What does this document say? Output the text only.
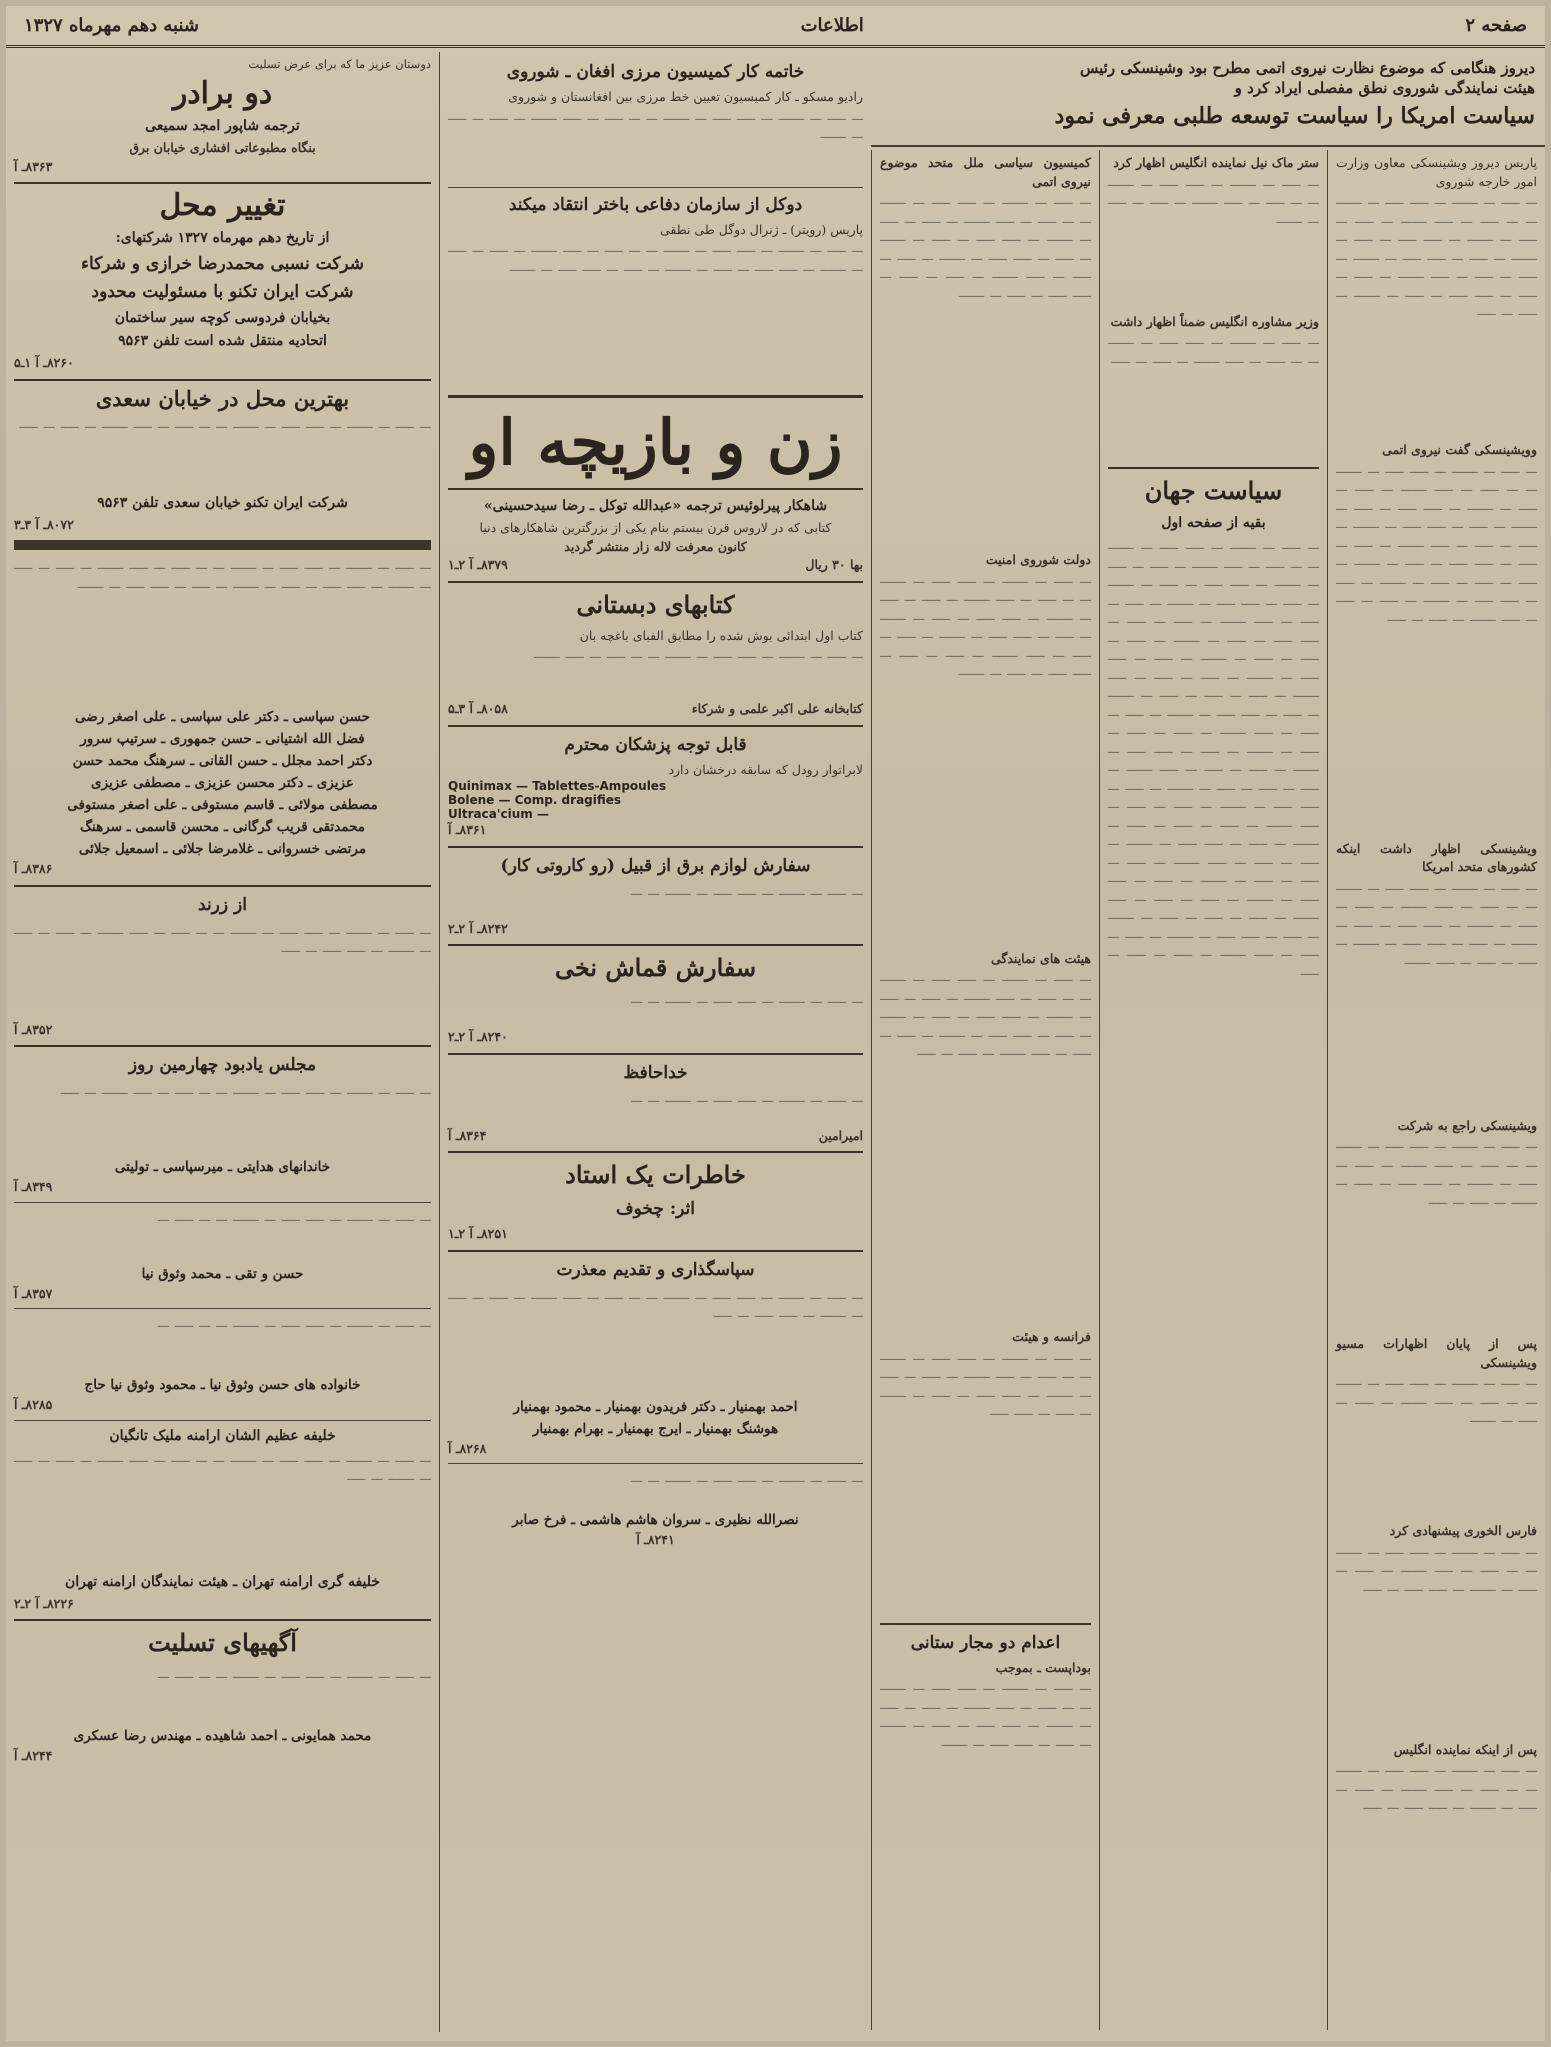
صفحه ۲
اطلاعات
شنبه دهم مهرماه ۱۳۲۷
دیروز هنگامی که موضوع نظارت نیروی اتمی مطرح بود وشینسکی رئیس
هیئت نمایندگی شوروی نطق مفصلی ایراد کرد و
سیاست امریکا را سیاست توسعه طلبی معرفی نمود
پاریس دیروز ویشینسکی معاون وزارت امور خارجه شوروی
ـــ ـــــ ـــ ـــــــ ـــ ـــــ ـــــ ـــ ـــــــ ـــ ـــ ـــــ ـــ ـــــ ـــــــ ـــ ـــــ ـــ ـــــ ـــ ـــــــ ـــ ـــــ ـــــ ـــ ـــــ ـــ ـــــــ ـــ ـــــ ـــ ـــــ ـــــ ـــ ـــــــ ـــ ـــــ ـــ ـــــ ـــ ـــــ ـــــــ ـــ ـــــ ـــ ـــــ ـــ ـــــ ـــــ ـــ ـــــ ـــ ـــــــ ـــ ـــــ ـــ ـــــ
وویشینسکی گفت نیروی اتمی
ـــ ـــــ ـــ ـــــــ ـــ ـــــ ـــــ ـــ ـــــــ ـــ ـــ ـــــ ـــ ـــــ ـــــــ ـــ ـــــ ـــ ـــــ ـــ ـــــــ ـــ ـــــ ـــــ ـــ ـــــ ـــ ـــــــ ـــ ـــــ ـــ ـــــ ـــــ ـــ ـــــــ ـــ ـــــ ـــ ـــــ ـــ ـــــ ـــــــ ـــ ـــــ ـــ ـــــ ـــ ـــــ ـــــ ـــ ـــــ ـــ ـــــــ ـــ ـــــ ـــ ـــــ ـــ ـــــ ـــ ـــــــ ـــ ـــــ ـــ ـــــ ـــــ ـــ ـــــــ ـــ ـــــ ـــ ـــــ ـــ ـــــ ـــــــ ـــ ـــــ ـــ ـــــ
ویشینسکی اظهار داشت اینکه کشورهای متحد امریکا
ـــ ـــــ ـــ ـــــــ ـــ ـــــ ـــــ ـــ ـــــــ ـــ ـــ ـــــ ـــ ـــــ ـــــــ ـــ ـــــ ـــ ـــــ ـــ ـــــــ ـــ ـــــ ـــــ ـــ ـــــ ـــ ـــــــ ـــ ـــــ ـــ ـــــ ـــــ ـــ ـــــــ ـــ ـــــ ـــ ـــــ ـــ ـــــ ـــــــ
ویشینسکی راجع به شرکت
ـــ ـــــ ـــ ـــــــ ـــ ـــــ ـــــ ـــ ـــــــ ـــ ـــ ـــــ ـــ ـــــ ـــــــ ـــ ـــــ ـــ ـــــ ـــ ـــــــ ـــ ـــــ ـــــ ـــ ـــــ ـــ ـــــــ ـــ ـــــ ـــ ـــــ
پس از پایان اظهارات مسیو ویشینسکی
ـــ ـــــ ـــ ـــــــ ـــ ـــــ ـــــ ـــ ـــــــ ـــ ـــ ـــــ ـــ ـــــ ـــــــ ـــ ـــــ ـــ ـــــ ـــ ـــــــ
فارس الخوری پیشنهادی کرد
ـــ ـــــ ـــ ـــــــ ـــ ـــــ ـــــ ـــ ـــــــ ـــ ـــ ـــــ ـــ ـــــ ـــــــ ـــ ـــــ ـــ ـــــ ـــ ـــــــ ـــ ـــــ ـــــ ـــ ـــــ
پس از اینکه نماینده انگلیس
ـــ ـــــ ـــ ـــــــ ـــ ـــــ ـــــ ـــ ـــــــ ـــ ـــ ـــــ ـــ ـــــ ـــــــ ـــ ـــــ ـــ ـــــ ـــ ـــــــ ـــ ـــــ ـــــ ـــ ـــــ
ستر ماک نیل نماینده انگلیس اظهار کرد
ـــ ـــــ ـــ ـــــــ ـــ ـــــ ـــــ ـــ ـــــــ ـــ ـــ ـــــ ـــ ـــــ ـــــــ ـــ ـــــ ـــ ـــــ ـــ ـــــــ
وزیر مشاوره انگلیس ضمناً اظهار داشت
ـــ ـــــ ـــ ـــــــ ـــ ـــــ ـــــ ـــ ـــــــ ـــ ـــ ـــــ ـــ ـــــ ـــــــ ـــ ـــــ ـــ ـــــ
سیاست جهان
بقیه از صفحه اول
ـــ ـــــ ـــ ـــــــ ـــ ـــــ ـــــ ـــ ـــــــ ـــ ـــ ـــــ ـــ ـــــ ـــــــ ـــ ـــــ ـــ ـــــ ـــ ـــــــ ـــ ـــــ ـــــ ـــ ـــــ ـــ ـــــــ ـــ ـــــ ـــ ـــــ ـــــ ـــ ـــــــ ـــ ـــــ ـــ ـــــ ـــ ـــــ ـــــــ ـــ ـــــ ـــ ـــــ ـــ ـــــ ـــــ ـــ ـــــ ـــ ـــــــ ـــ ـــــ ـــ ـــــ ـــ ـــــ ـــ ـــــــ ـــ ـــــ ـــ ـــــ ـــــ ـــ ـــــــ ـــ ـــــ ـــ ـــــ ـــ ـــــ ـــــــ ـــ ـــــ ـــ ـــــ ـــ ـــــ ـــ ـــــــ ـــ ـــــ ـــ ـــــ ـــــ ـــ ـــــــ ـــ ـــــ ـــ ـــــ ـــ ـــــ ـــــــ ـــ ـــــ ـــ ـــــ ـــ ـــــ ـــ ـــــــ ـــ ـــــ ـــ ـــــ ـــــ ـــ ـــــــ ـــ ـــــ ـــ ـــــ ـــ ـــــ ـــــــ ـــ ـــــ ـــ ـــــ ـــ ـــــ ـــ ـــــــ ـــ ـــــ ـــ ـــــ ـــــ ـــ ـــــــ ـــ ـــــ ـــ ـــــ ـــ ـــــ ـــــــ ـــ ـــــ ـــ ـــــ ـــ ـــــ ـــ ـــــــ ـــ ـــــ ـــ ـــــ ـــــ ـــ ـــــــ ـــ ـــــ ـــ ـــــ ـــ ـــــ ـــــــ ـــ ـــــ ـــ ـــــ ـــ ـــــ ـــ ـــــــ ـــ ـــــ ـــ ـــــ ـــــ ـــ ـــــــ ـــ ـــــ ـــ ـــــ ـــ ـــــ ـــــــ ـــ ـــــ ـــ ـــــ ـــ ـــــ ـــ ـــــــ ـــ ـــــ ـــ ـــــ ـــــ ـــ ـــــــ ـــ ـــــ ـــ ـــــ ـــ ـــــ ـــــــ ـــ ـــــ ـــ ـــــ ـــ ـــــ
کمیسیون سیاسی ملل متحد موضوع نیروی اتمی
ـــ ـــــ ـــ ـــــــ ـــ ـــــ ـــــ ـــ ـــــــ ـــ ـــ ـــــ ـــ ـــــ ـــــــ ـــ ـــــ ـــ ـــــ ـــ ـــــــ ـــ ـــــ ـــــ ـــ ـــــ ـــ ـــــــ ـــ ـــــ ـــ ـــــ ـــــ ـــ ـــــــ ـــ ـــــ ـــ ـــــ ـــ ـــــ ـــــــ ـــ ـــــ ـــ ـــــ ـــ ـــــ ـــــ ـــ ـــــ ـــ ـــــــ
دولت شوروی امنیت
ـــ ـــــ ـــ ـــــــ ـــ ـــــ ـــــ ـــ ـــــــ ـــ ـــ ـــــ ـــ ـــــ ـــــــ ـــ ـــــ ـــ ـــــ ـــ ـــــــ ـــ ـــــ ـــــ ـــ ـــــ ـــ ـــــــ ـــ ـــــ ـــ ـــــ ـــــ ـــ ـــــــ ـــ ـــــ ـــ ـــــ ـــ ـــــ ـــــــ ـــ ـــــ ـــ ـــــ ـــ ـــــ ـــــ ـــ ـــــ ـــ ـــــــ
هیئت های نمایندگی
ـــ ـــــ ـــ ـــــــ ـــ ـــــ ـــــ ـــ ـــــــ ـــ ـــ ـــــ ـــ ـــــ ـــــــ ـــ ـــــ ـــ ـــــ ـــ ـــــــ ـــ ـــــ ـــــ ـــ ـــــ ـــ ـــــــ ـــ ـــــ ـــ ـــــ ـــــ ـــ ـــــــ ـــ ـــــ ـــ ـــــ ـــ ـــــ ـــــــ ـــ ـــــ ـــ ـــــ
فرانسه و هیئت
ـــ ـــــ ـــ ـــــــ ـــ ـــــ ـــــ ـــ ـــــــ ـــ ـــ ـــــ ـــ ـــــ ـــــــ ـــ ـــــ ـــ ـــــ ـــ ـــــــ ـــ ـــــ ـــــ ـــ ـــــ ـــ ـــــــ ـــ ـــــ ـــ ـــــ ـــــ
اعدام دو مجار ستانی
بوداپست ـ بموجب
ـــ ـــــ ـــ ـــــــ ـــ ـــــ ـــــ ـــ ـــــــ ـــ ـــ ـــــ ـــ ـــــ ـــــــ ـــ ـــــ ـــ ـــــ ـــ ـــــــ ـــ ـــــ ـــــ ـــ ـــــ ـــ ـــــــ ـــ ـــــ ـــ ـــــ ـــــ ـــ ـــــــ
خاتمه کار کمیسیون مرزی افغان ـ شوروی
رادیو مسکو ـ کار کمیسیون تعیین خط مرزی بین افغانستان و شوروی
ـــ ـــــ ـــ ـــــــ ـــ ـــــ ـــــ ـــ ـــــــ ـــ ـــ ـــــ ـــ ـــــ ـــــــ ـــ ـــــ ـــ ـــــ ـــ ـــــــ
دوکل از سازمان دفاعی باختر انتقاد میکند
پاریس (رویتر) ـ ژنرال دوگل طی نطقی
ـــ ـــــ ـــ ـــــــ ـــ ـــــ ـــــ ـــ ـــــــ ـــ ـــ ـــــ ـــ ـــــ ـــــــ ـــ ـــــ ـــ ـــــ ـــ ـــــــ ـــ ـــــ ـــــ ـــ ـــــ ـــ ـــــــ ـــ ـــــ ـــ ـــــ ـــــ ـــ ـــــــ
زن و بازیچه او
شاهکار پیرلوئیس ترجمه «عبدالله توکل ـ رضا سیدحسینی»
کتابی که در لاروس قرن بیستم بنام یکی از بزرگترین شاهکارهای دنیا
کانون معرفت لاله زار منتشر گردید
بها ۳۰ ریال
۸۳۷۹ـ آ ۲ـ۱
کتابهای دبستانی
کتاب اول ابتدائی بوش شده را مطابق الفبای باغچه بان
ـــ ـــــ ـــ ـــــــ ـــ ـــــ ـــــ ـــ ـــــــ ـــ ـــ ـــــ ـــ ـــــ ـــــــ
کتابخانه علی اکبر علمی و شرکاء
۸۰۵۸ـ آ ۳ـ۵
قابل توجه پزشکان محترم
لابراتوار رودل که سابقه درخشان دارد
Quinimax — Tablettes-Ampoules
Bolene — Comp. dragifies
Ultraca'cium —
۸۳۶۱ـ آ
سفارش لوازم برق از قبیل (رو کاروتی کار)
ـــ ـــــ ـــ ـــــــ ـــ ـــــ ـــــ ـــ ـــــــ ـــ ـــ
۸۲۴۲ـ آ ۲ـ۲
سفارش قماش نخی
ـــ ـــــ ـــ ـــــــ ـــ ـــــ ـــــ ـــ ـــــــ ـــ ـــ
۸۲۴۰ـ آ ۲ـ۲
خداحافظ
ـــ ـــــ ـــ ـــــــ ـــ ـــــ ـــــ ـــ ـــــــ ـــ ـــ
امیرامین
۸۳۶۴ـ آ
خاطرات یک استاد
اثر: چخوف
۸۲۵۱ـ آ ۲ـ۱
سپاسگذاری و تقدیم معذرت
ـــ ـــــ ـــ ـــــــ ـــ ـــــ ـــــ ـــ ـــــــ ـــ ـــ ـــــ ـــ ـــــ ـــــــ ـــ ـــــ ـــ ـــــ ـــ ـــــــ ـــ ـــــ ـــــ ـــ ـــــ
احمد بهمنیار ـ دکتر فریدون بهمنیار ـ محمود بهمنیار
هوشنگ بهمنیار ـ ایرج بهمنیار ـ بهرام بهمنیار
۸۲۶۸ـ آ
ـــ ـــــ ـــ ـــــــ ـــ ـــــ ـــــ ـــ ـــــــ ـــ ـــ
نصرالله نظیری ـ سروان هاشم هاشمی ـ فرخ صابر
۸۲۴۱ـ آ
دوستان عزیز ما که برای عرض تسلیت
دو برادر
ترجمه شاپور امجد سمیعی
بنگاه مطبوعاتی افشاری خیابان برق
۸۳۶۳ـ آ
تغییر محل
از تاریخ دهم مهرماه ۱۳۲۷ شرکتهای:
شرکت نسبی محمدرضا خرازی و شرکاء
شرکت ایران تکنو با مسئولیت محدود
بخیابان فردوسی کوچه سیر ساختمان
اتحادیه منتقل شده است تلفن ۹۵۶۳
۸۲۶۰ـ آ ۱ـ۵
بهترین محل در خیابان سعدی
ـــ ـــــ ـــ ـــــــ ـــ ـــــ ـــــ ـــ ـــــــ ـــ ـــ ـــــ ـــ ـــــ ـــــــ ـــ ـــــ ـــ ـــــ
شرکت ایران تکنو خیابان سعدی تلفن ۹۵۶۳
۸۰۷۲ـ آ ۳ـ۳
ـــ ـــــ ـــ ـــــــ ـــ ـــــ ـــــ ـــ ـــــــ ـــ ـــ ـــــ ـــ ـــــ ـــــــ ـــ ـــــ ـــ ـــــ ـــ ـــــــ ـــ ـــــ ـــــ ـــ ـــــ ـــ ـــــــ ـــ ـــــ ـــ ـــــ ـــــ ـــ ـــــــ
حسن سپاسی ـ دکتر علی سپاسی ـ علی اصغر رضی
فضل الله اشتیانی ـ حسن جمهوری ـ سرتیپ سرور
دکتر احمد مجلل ـ حسن القانی ـ سرهنگ محمد حسن
عزیزی ـ دکتر محسن عزیزی ـ مصطفی عزیزی
مصطفی مولائی ـ قاسم مستوفی ـ علی اصغر مستوفی
محمدتقی قریب گرگانی ـ محسن قاسمی ـ سرهنگ
مرتضی خسروانی ـ غلامرضا جلائی ـ اسمعیل جلائی
۸۳۸۶ـ آ
از زرند
ـــ ـــــ ـــ ـــــــ ـــ ـــــ ـــــ ـــ ـــــــ ـــ ـــ ـــــ ـــ ـــــ ـــــــ ـــ ـــــ ـــ ـــــ ـــ ـــــــ ـــ ـــــ ـــــ ـــ ـــــ
۸۳۵۲ـ آ
مجلس یادبود چهارمین روز
ـــ ـــــ ـــ ـــــــ ـــ ـــــ ـــــ ـــ ـــــــ ـــ ـــ ـــــ ـــ ـــــ ـــــــ ـــ ـــــ
خاندانهای هدایتی ـ میرسپاسی ـ تولیتی
۸۳۴۹ـ آ
ـــ ـــــ ـــ ـــــــ ـــ ـــــ ـــــ ـــ ـــــــ ـــ ـــ ـــــ ـــ
حسن و تقی ـ محمد وثوق نیا
۸۳۵۷ـ آ
ـــ ـــــ ـــ ـــــــ ـــ ـــــ ـــــ ـــ ـــــــ ـــ ـــ ـــــ ـــ
خانواده های حسن وثوق نیا ـ محمود وثوق نیا حاج
۸۲۸۵ـ آ
خلیفه عظیم الشان ارامنه ملیک تانگیان
ـــ ـــــ ـــ ـــــــ ـــ ـــــ ـــــ ـــ ـــــــ ـــ ـــ ـــــ ـــ ـــــ ـــــــ ـــ ـــــ ـــ ـــــ ـــ ـــــــ ـــ ـــــ
خلیفه گری ارامنه تهران ـ هیئت نمایندگان ارامنه تهران
۸۲۲۶ـ آ ۲ـ۲
آگهیهای تسلیت
ـــ ـــــ ـــ ـــــــ ـــ ـــــ ـــــ ـــ ـــــــ ـــ ـــ ـــــ ـــ
محمد همایونی ـ احمد شاهیده ـ مهندس رضا عسکری
۸۲۴۴ـ آ
